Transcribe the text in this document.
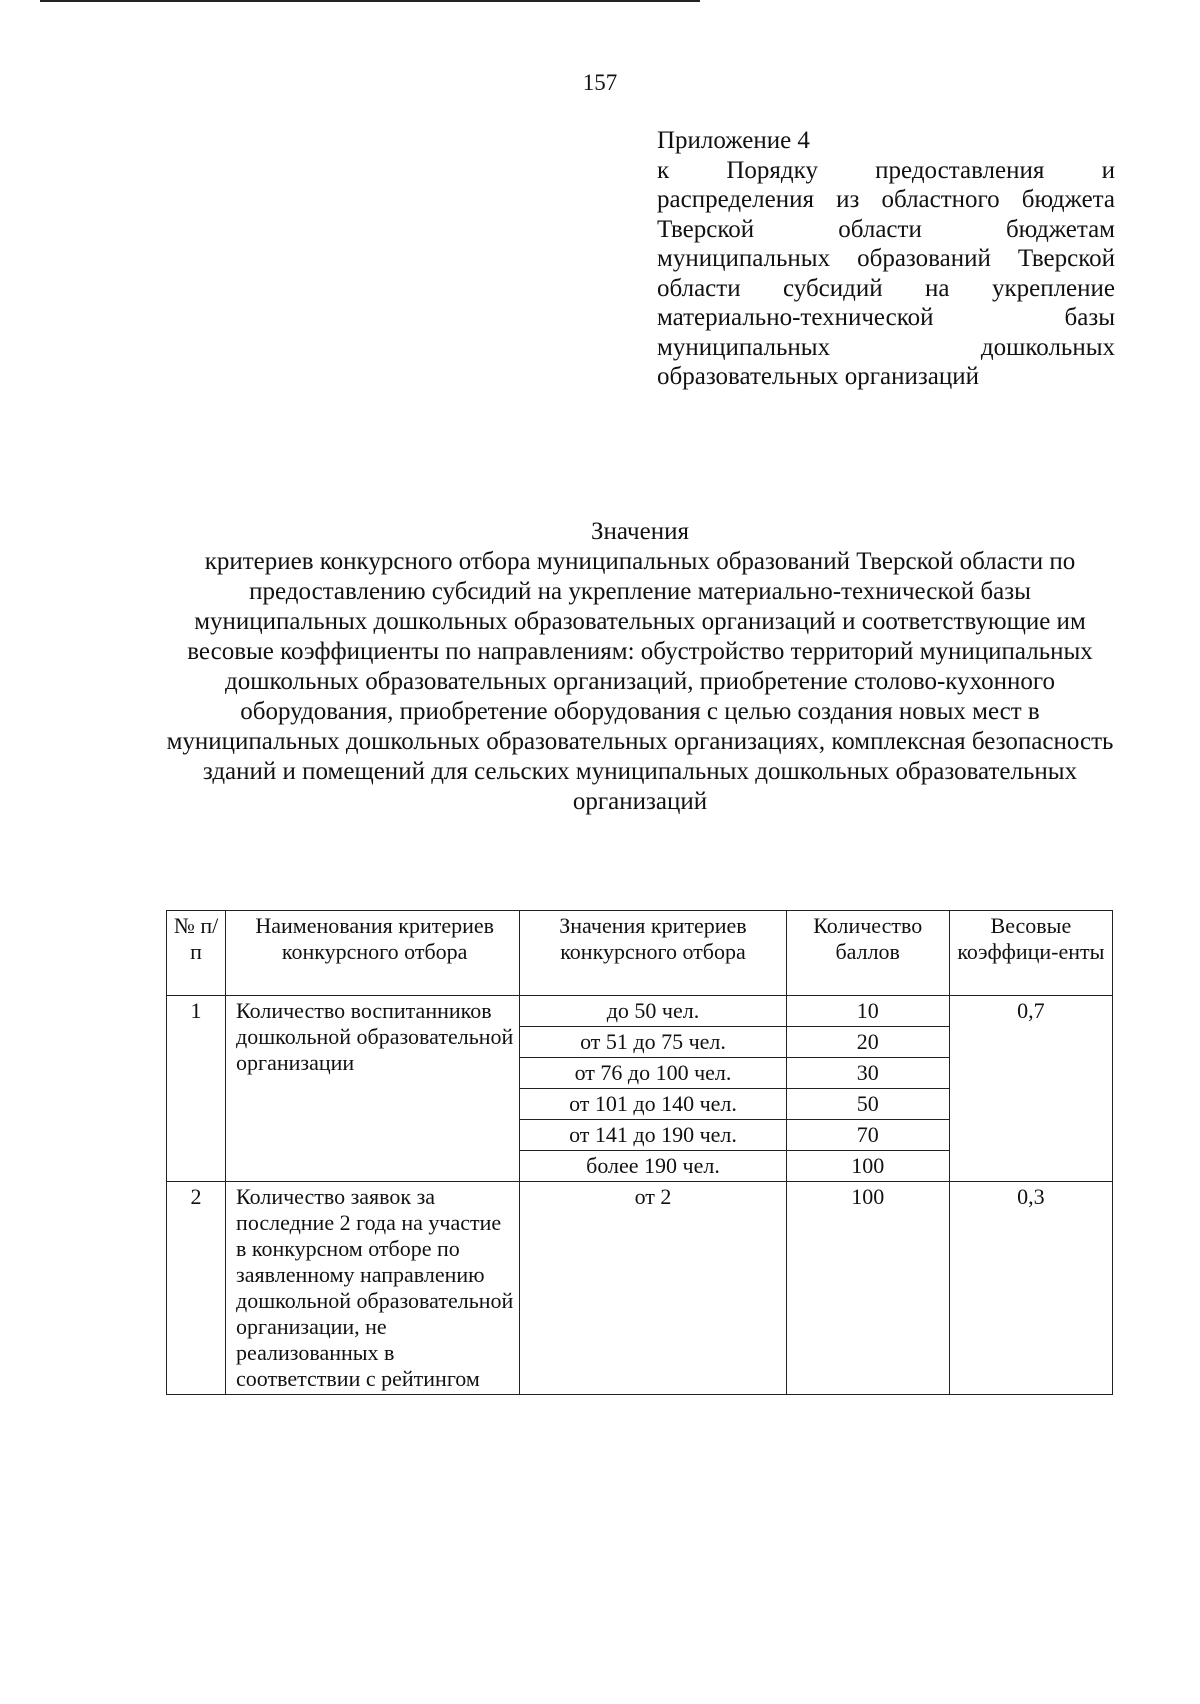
157
Приложение 4
к Порядку предоставления и распределения из областного бюджета Тверской области бюджетам муниципальных образований Тверской области субсидий на укрепление материально-технической базы муниципальных дошкольных образовательных организаций
Значения
критериев конкурсного отбора муниципальных образований Тверской области по предоставлению субсидий на укрепление материально-технической базы муниципальных дошкольных образовательных организаций и соответствующие им весовые коэффициенты по направлениям: обустройство территорий муниципальных дошкольных образовательных организаций, приобретение столово-кухонного оборудования, приобретение оборудования с целью создания новых мест в муниципальных дошкольных образовательных организациях, комплексная безопасность зданий и помещений для сельских муниципальных дошкольных образовательных организаций
№ п/п	Наименования критериев конкурсного отбора	Значения критериев конкурсного отбора	Количество баллов	Весовые коэффици-енты
1	Количество воспитанников дошкольной образовательной организации	до 50 чел.	10	0,7
		от 51 до 75 чел.	20	
		от 76 до 100 чел.	30	
		от 101 до 140 чел.	50	
		от 141 до 190 чел.	70	
		более 190 чел.	100	
2	Количество заявок за последние 2 года на участие в конкурсном отборе по заявленному направлению дошкольной образовательной организации, не реализованных в соответствии с рейтингом	от 2	100	0,3
